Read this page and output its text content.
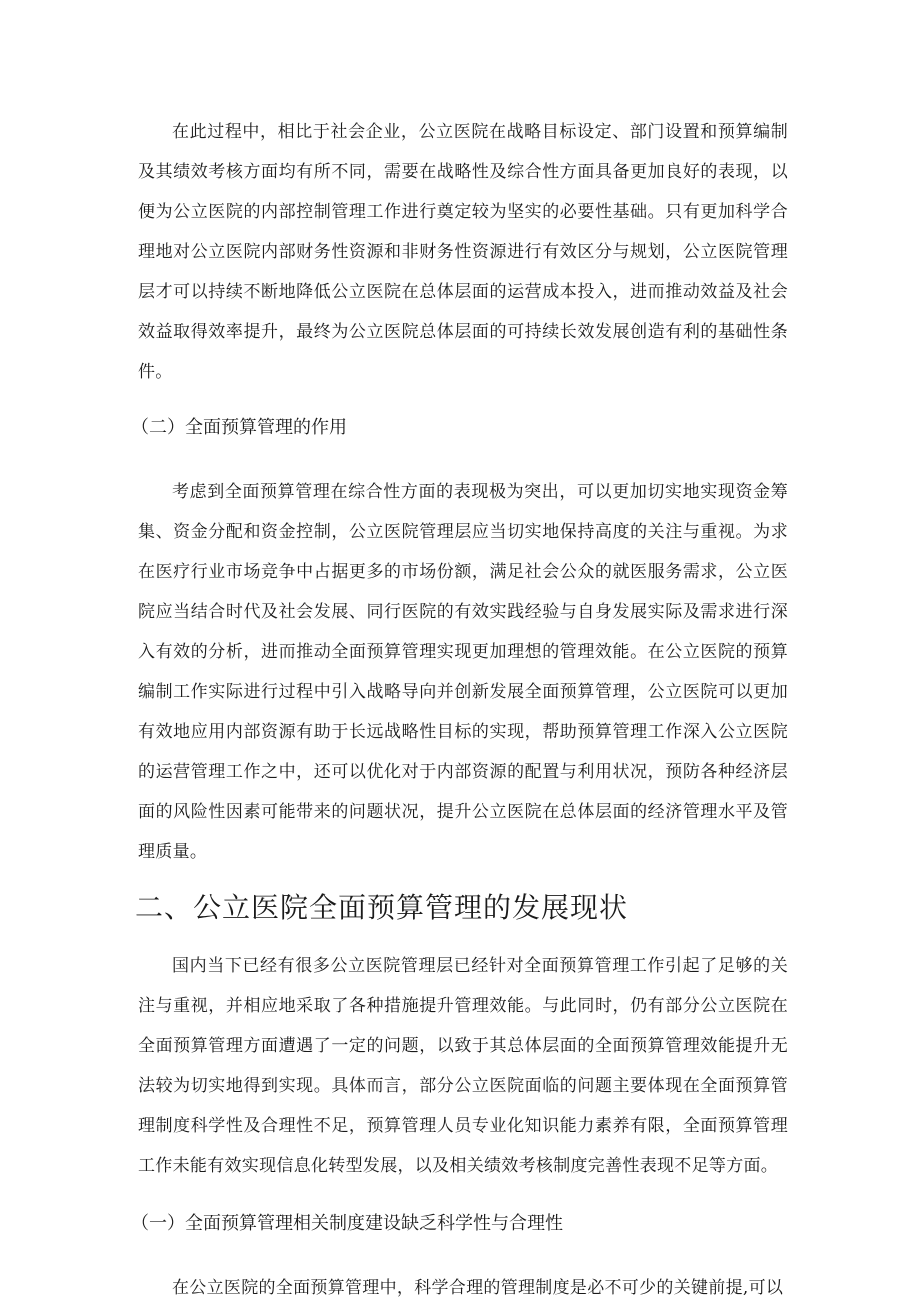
在此过程中，相比于社会企业，公立医院在战略目标设定、部门设置和预算编制及其绩效考核方面均有所不同，需要在战略性及综合性方面具备更加良好的表现，以便为公立医院的内部控制管理工作进行奠定较为坚实的必要性基础。只有更加科学合理地对公立医院内部财务性资源和非财务性资源进行有效区分与规划，公立医院管理层才可以持续不断地降低公立医院在总体层面的运营成本投入，进而推动效益及社会效益取得效率提升，最终为公立医院总体层面的可持续长效发展创造有利的基础性条件。

（二）全面预算管理的作用

考虑到全面预算管理在综合性方面的表现极为突出，可以更加切实地实现资金筹集、资金分配和资金控制，公立医院管理层应当切实地保持高度的关注与重视。为求在医疗行业市场竞争中占据更多的市场份额，满足社会公众的就医服务需求，公立医院应当结合时代及社会发展、同行医院的有效实践经验与自身发展实际及需求进行深入有效的分析，进而推动全面预算管理实现更加理想的管理效能。在公立医院的预算编制工作实际进行过程中引入战略导向并创新发展全面预算管理，公立医院可以更加有效地应用内部资源有助于长远战略性目标的实现，帮助预算管理工作深入公立医院的运营管理工作之中，还可以优化对于内部资源的配置与利用状况，预防各种经济层面的风险性因素可能带来的问题状况，提升公立医院在总体层面的经济管理水平及管理质量。

二、公立医院全面预算管理的发展现状

国内当下已经有很多公立医院管理层已经针对全面预算管理工作引起了足够的关注与重视，并相应地采取了各种措施提升管理效能。与此同时，仍有部分公立医院在全面预算管理方面遭遇了一定的问题，以致于其总体层面的全面预算管理效能提升无法较为切实地得到实现。具体而言，部分公立医院面临的问题主要体现在全面预算管理制度科学性及合理性不足，预算管理人员专业化知识能力素养有限，全面预算管理工作未能有效实现信息化转型发展，以及相关绩效考核制度完善性表现不足等方面。

（一）全面预算管理相关制度建设缺乏科学性与合理性

在公立医院的全面预算管理中，科学合理的管理制度是必不可少的关键前提,可以
